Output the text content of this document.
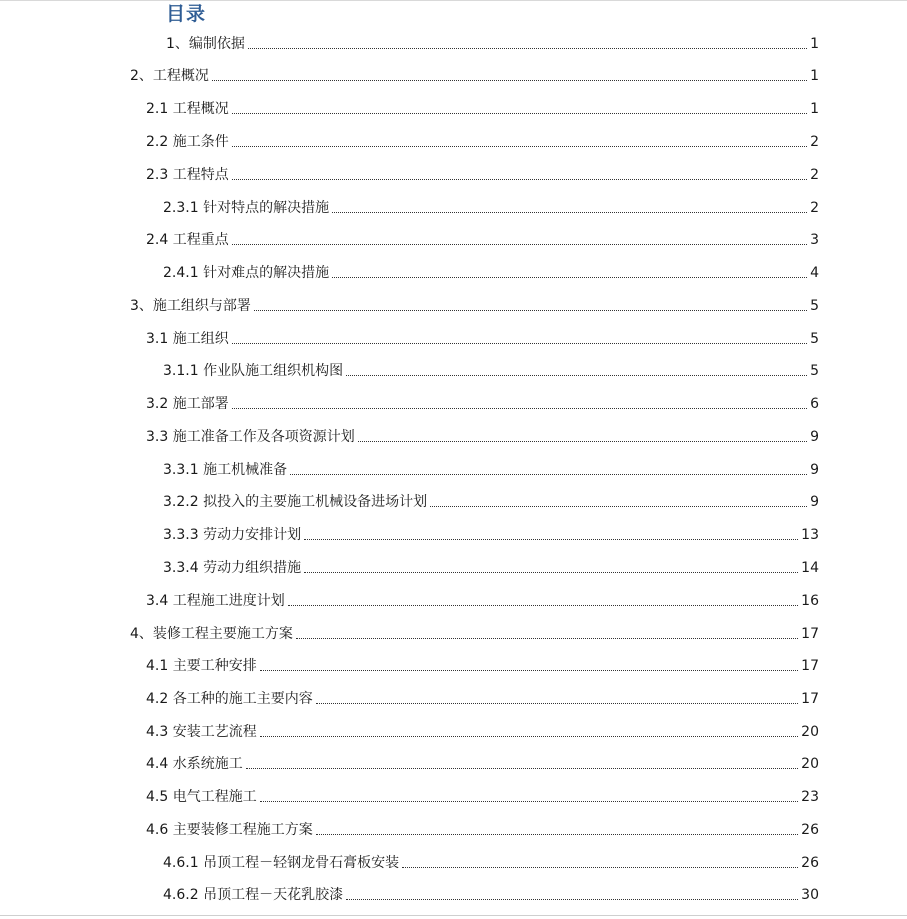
目录
1、编制依据	1
2、工程概况	1
2.1 工程概况	1
2.2 施工条件	2
2.3 工程特点	2
2.3.1 针对特点的解决措施	2
2.4 工程重点	3
2.4.1 针对难点的解决措施	4
3、施工组织与部署	5
3.1 施工组织	5
3.1.1 作业队施工组织机构图	5
3.2 施工部署	6
3.3 施工准备工作及各项资源计划	9
3.3.1 施工机械准备	9
3.2.2 拟投入的主要施工机械设备进场计划	9
3.3.3 劳动力安排计划	13
3.3.4 劳动力组织措施	14
3.4 工程施工进度计划	16
4、装修工程主要施工方案	17
4.1 主要工种安排	17
4.2 各工种的施工主要内容	17
4.3 安装工艺流程	20
4.4 水系统施工	20
4.5 电气工程施工	23
4.6 主要装修工程施工方案	26
4.6.1 吊顶工程－轻钢龙骨石膏板安装	26
4.6.2 吊顶工程－天花乳胶漆	30
